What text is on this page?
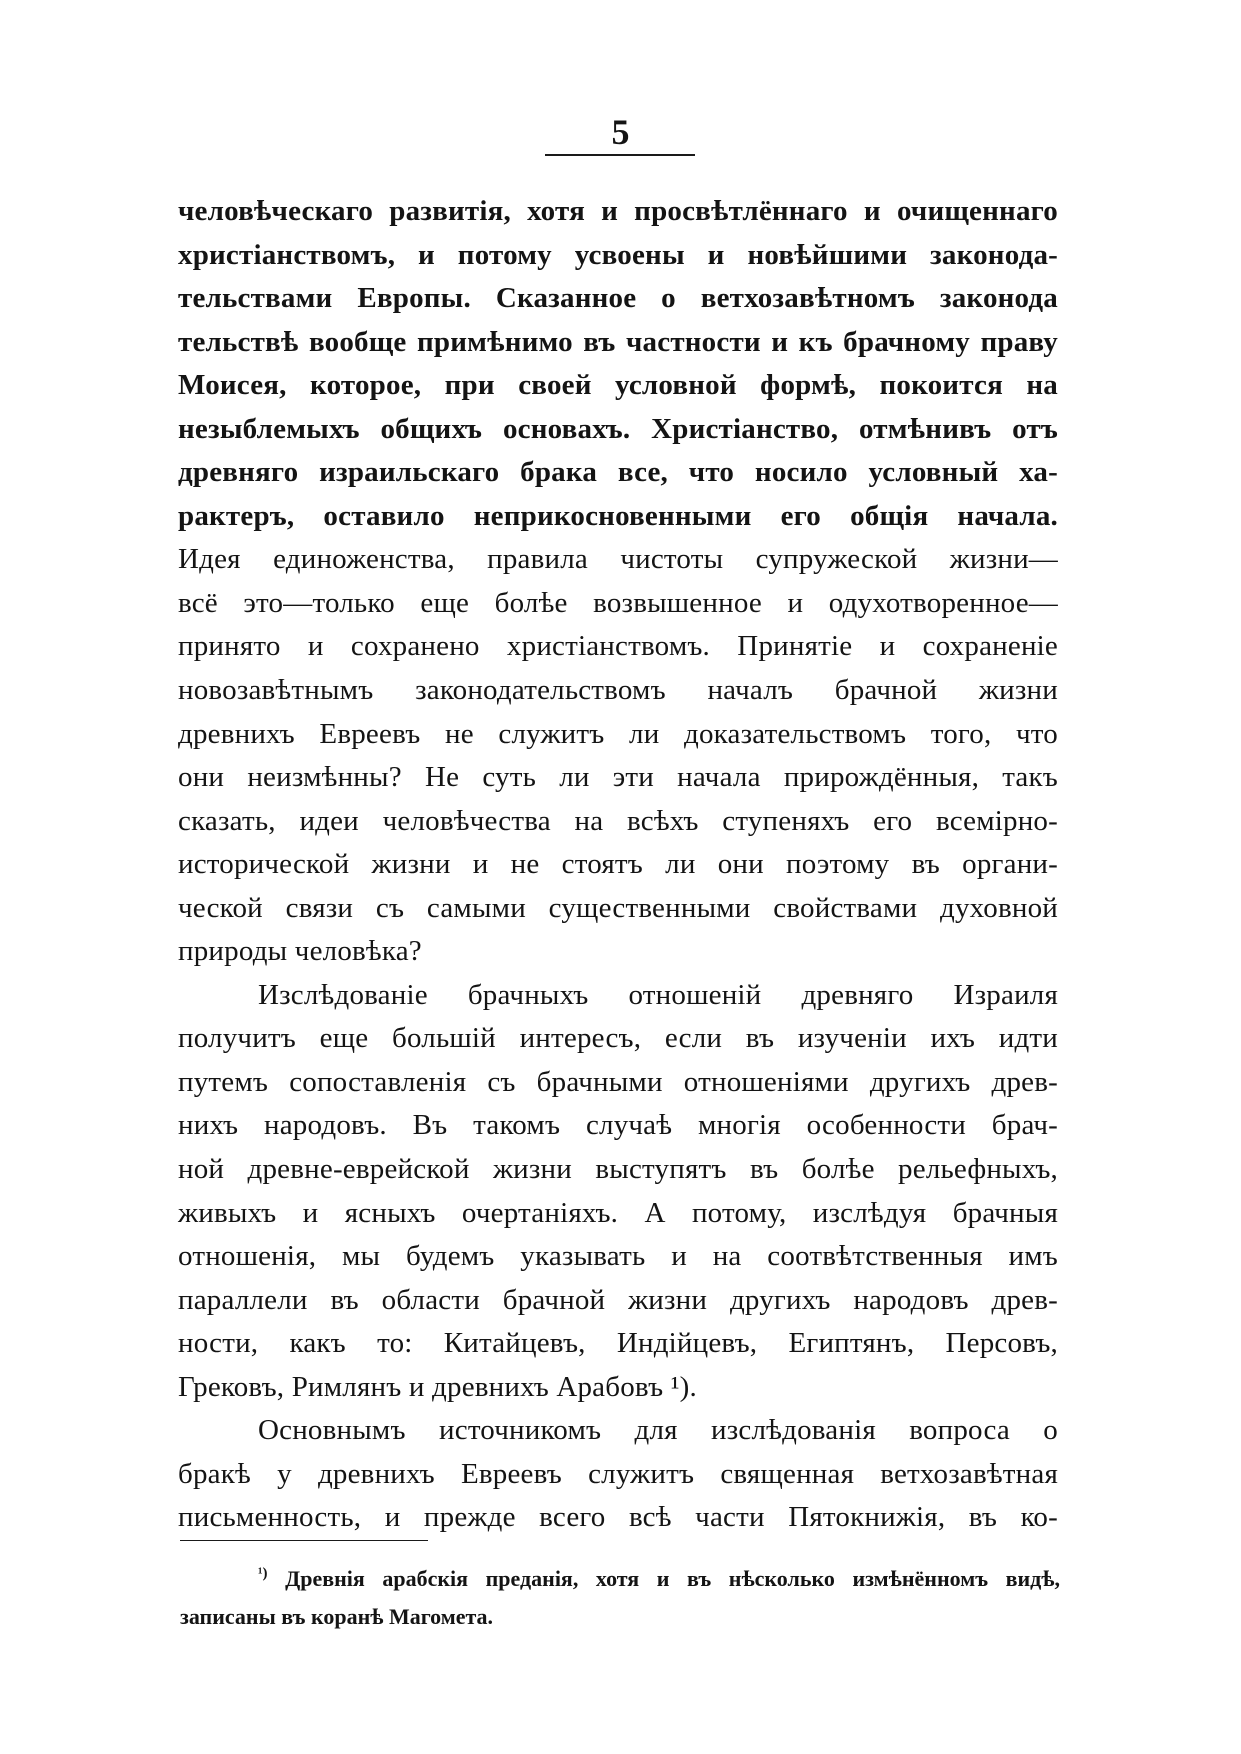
5
человѣческаго развитія, хотя и просвѣтлённаго и очищеннаго
христіанствомъ, и потому усвоены и новѣйшими законода-
тельствами Европы. Сказанное о ветхозавѣтномъ законода
тельствѣ вообще примѣнимо въ частности и къ брачному праву
Моисея, которое, при своей условной формѣ, покоится на
незыблемыхъ общихъ основахъ. Христіанство, отмѣнивъ отъ
древняго израильскаго брака все, что носило условный ха-
рактеръ, оставило неприкосновенными его общія начала.
Идея единоженства, правила чистоты супружеской жизни—
всё это—только еще болѣе возвышенное и одухотворенное—
принято и сохранено христіанствомъ. Принятіе и сохраненіе
новозавѣтнымъ законодательствомъ началъ брачной жизни
древнихъ Евреевъ не служитъ ли доказательствомъ того, что
они неизмѣнны? Не суть ли эти начала прирождённыя, такъ
сказать, идеи человѣчества на всѣхъ ступеняхъ его всемірно-
исторической жизни и не стоятъ ли они поэтому въ органи-
ческой связи съ самыми существенными свойствами духовной
природы человѣка?
Изслѣдованіе брачныхъ отношеній древняго Израиля
получитъ еще большій интересъ, если въ изученіи ихъ идти
путемъ сопоставленія съ брачными отношеніями другихъ древ-
нихъ народовъ. Въ такомъ случаѣ многія особенности брач-
ной древне-еврейской жизни выступятъ въ болѣе рельефныхъ,
живыхъ и ясныхъ очертаніяхъ. А потому, изслѣдуя брачныя
отношенія, мы будемъ указывать и на соотвѣтственныя имъ
параллели въ области брачной жизни другихъ народовъ древ-
ности, какъ то: Китайцевъ, Индійцевъ, Египтянъ, Персовъ,
Грековъ, Римлянъ и древнихъ Арабовъ ¹).
Основнымъ источникомъ для изслѣдованія вопроса о
бракѣ у древнихъ Евреевъ служитъ священная ветхозавѣтная
письменность, и прежде всего всѣ части Пятокнижія, въ ко-
$^{^1)}$ Древнія арабскія преданія, хотя и въ нѣсколько измѣнённомъ видѣ,
записаны въ коранѣ Магомета.
